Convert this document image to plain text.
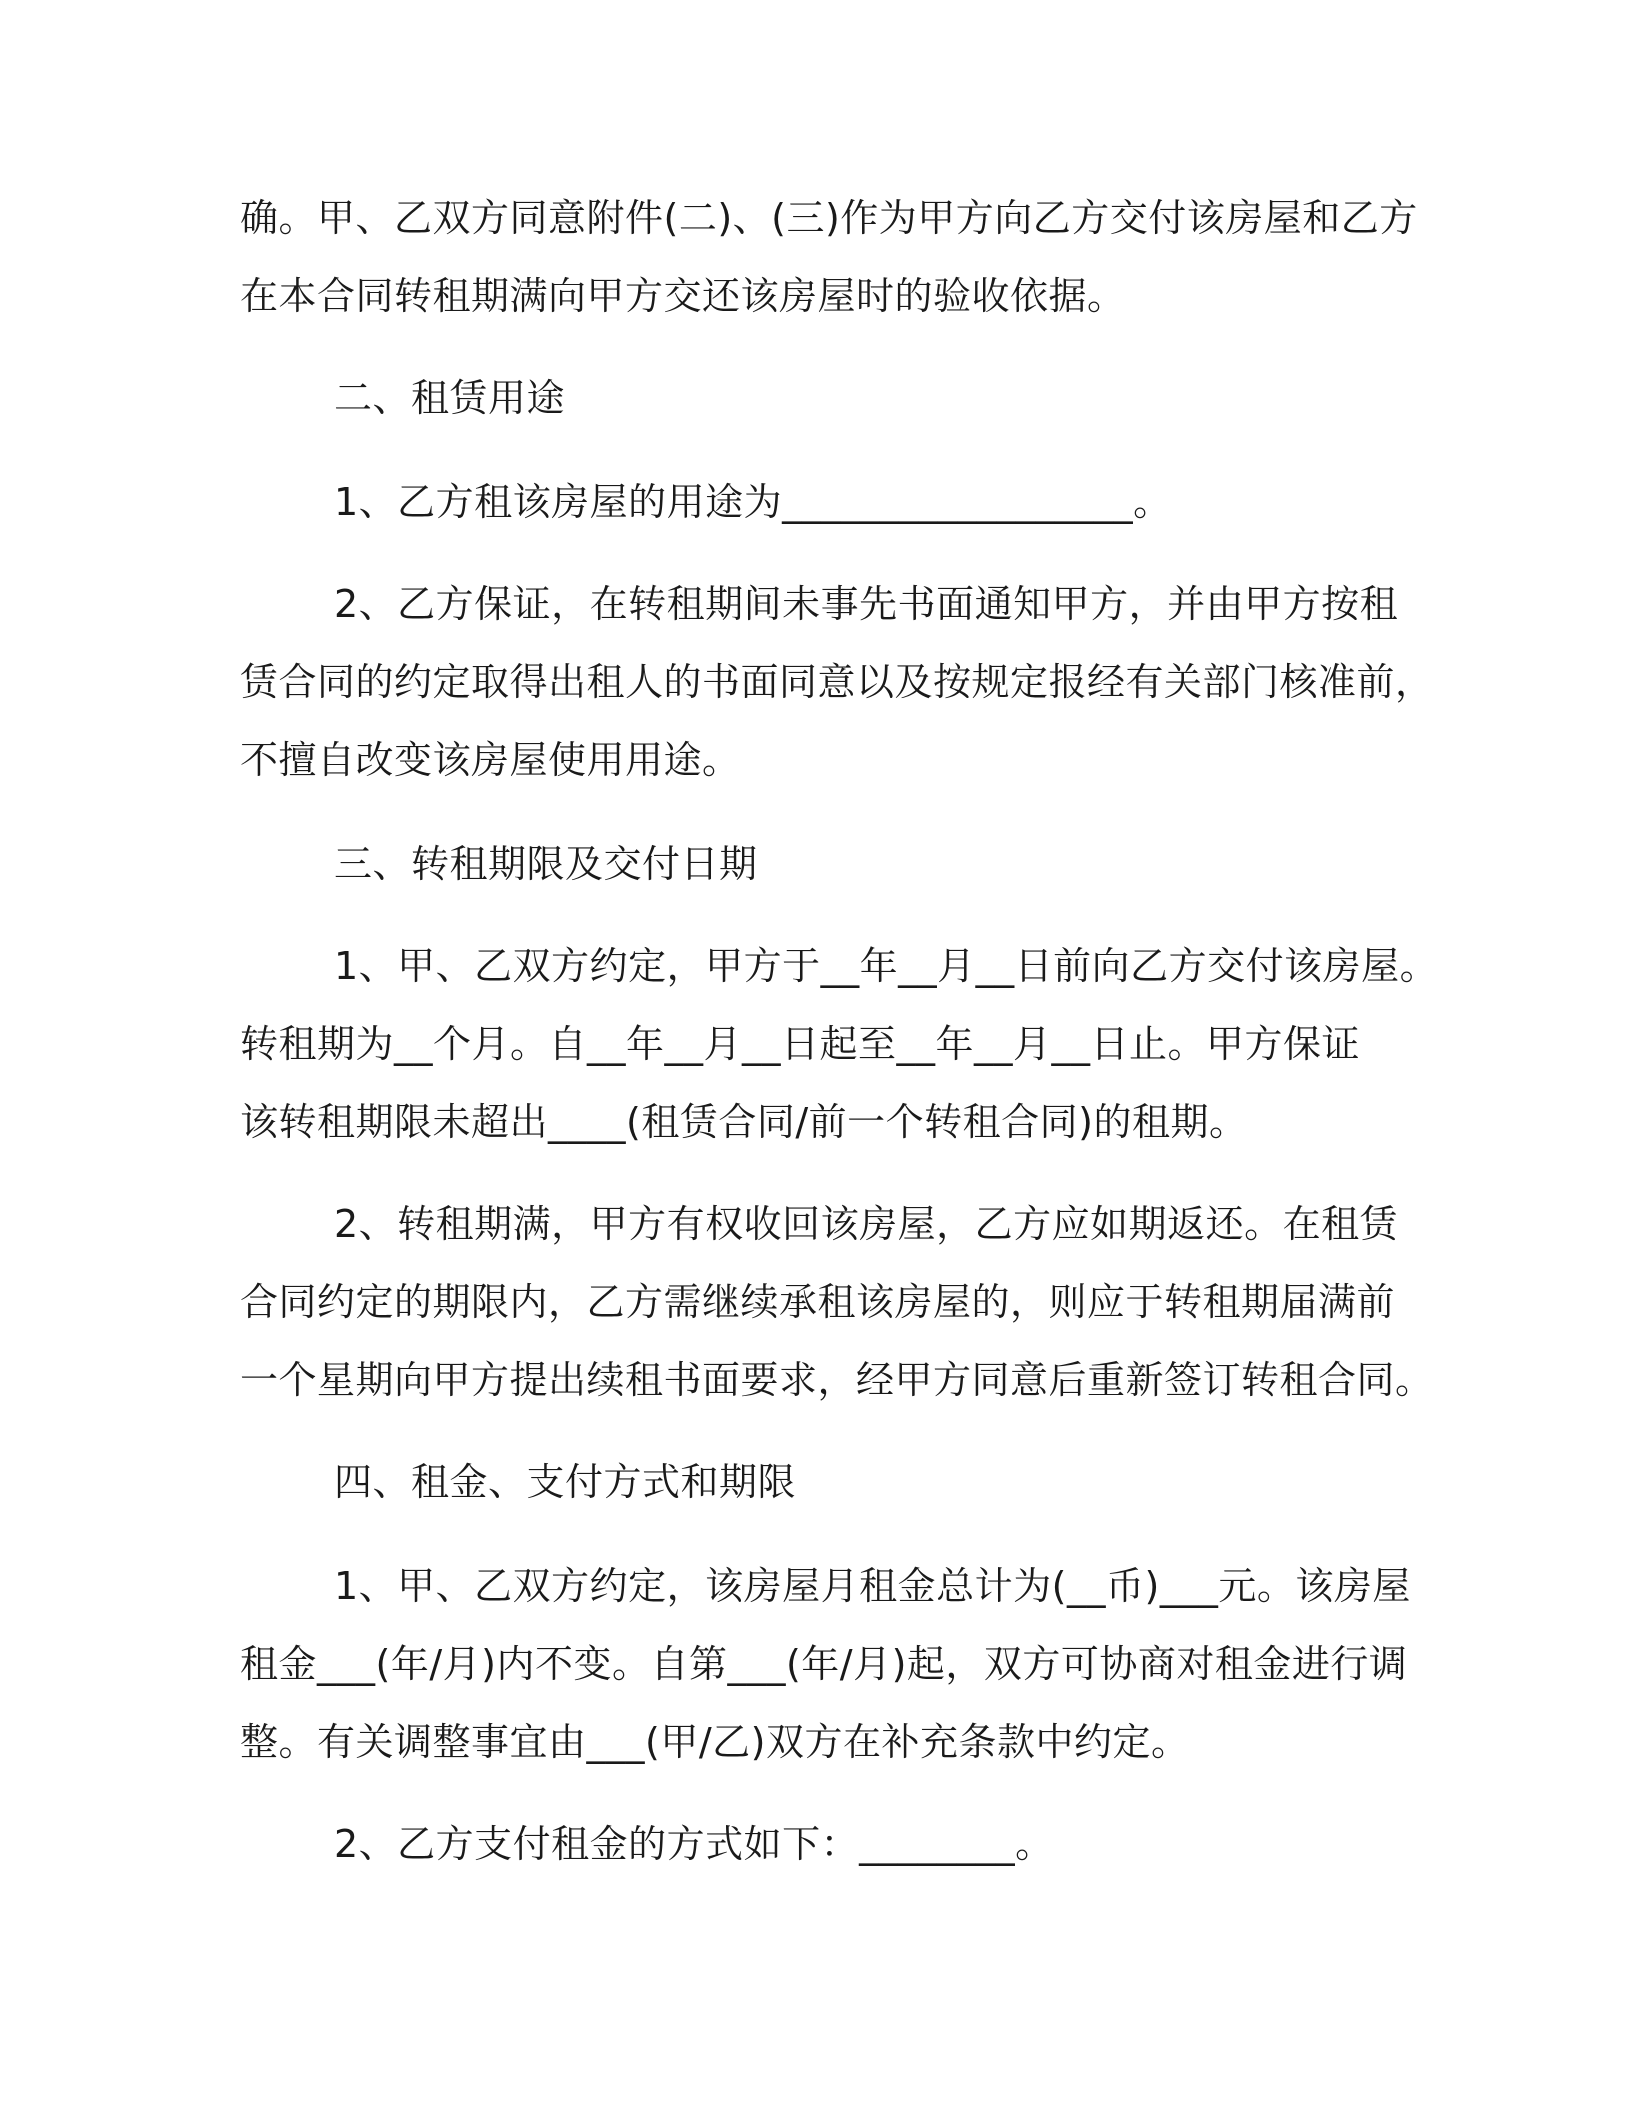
确。甲、乙双方同意附件(二)、(三)作为甲方向乙方交付该房屋和乙方
在本合同转租期满向甲方交还该房屋时的验收依据。
二、租赁用途
1、乙方租该房屋的用途为__________________。
2、乙方保证，在转租期间未事先书面通知甲方，并由甲方按租
赁合同的约定取得出租人的书面同意以及按规定报经有关部门核准前，
不擅自改变该房屋使用用途。
三、转租期限及交付日期
1、甲、乙双方约定，甲方于__年__月__日前向乙方交付该房屋。
转租期为__个月。自__年__月__日起至__年__月__日止。甲方保证
该转租期限未超出____(租赁合同/前一个转租合同)的租期。
2、转租期满，甲方有权收回该房屋，乙方应如期返还。在租赁
合同约定的期限内，乙方需继续承租该房屋的，则应于转租期届满前
一个星期向甲方提出续租书面要求，经甲方同意后重新签订转租合同。
四、租金、支付方式和期限
1、甲、乙双方约定，该房屋月租金总计为(__币)___元。该房屋
租金___(年/月)内不变。自第___(年/月)起，双方可协商对租金进行调
整。有关调整事宜由___(甲/乙)双方在补充条款中约定。
2、乙方支付租金的方式如下：________。
